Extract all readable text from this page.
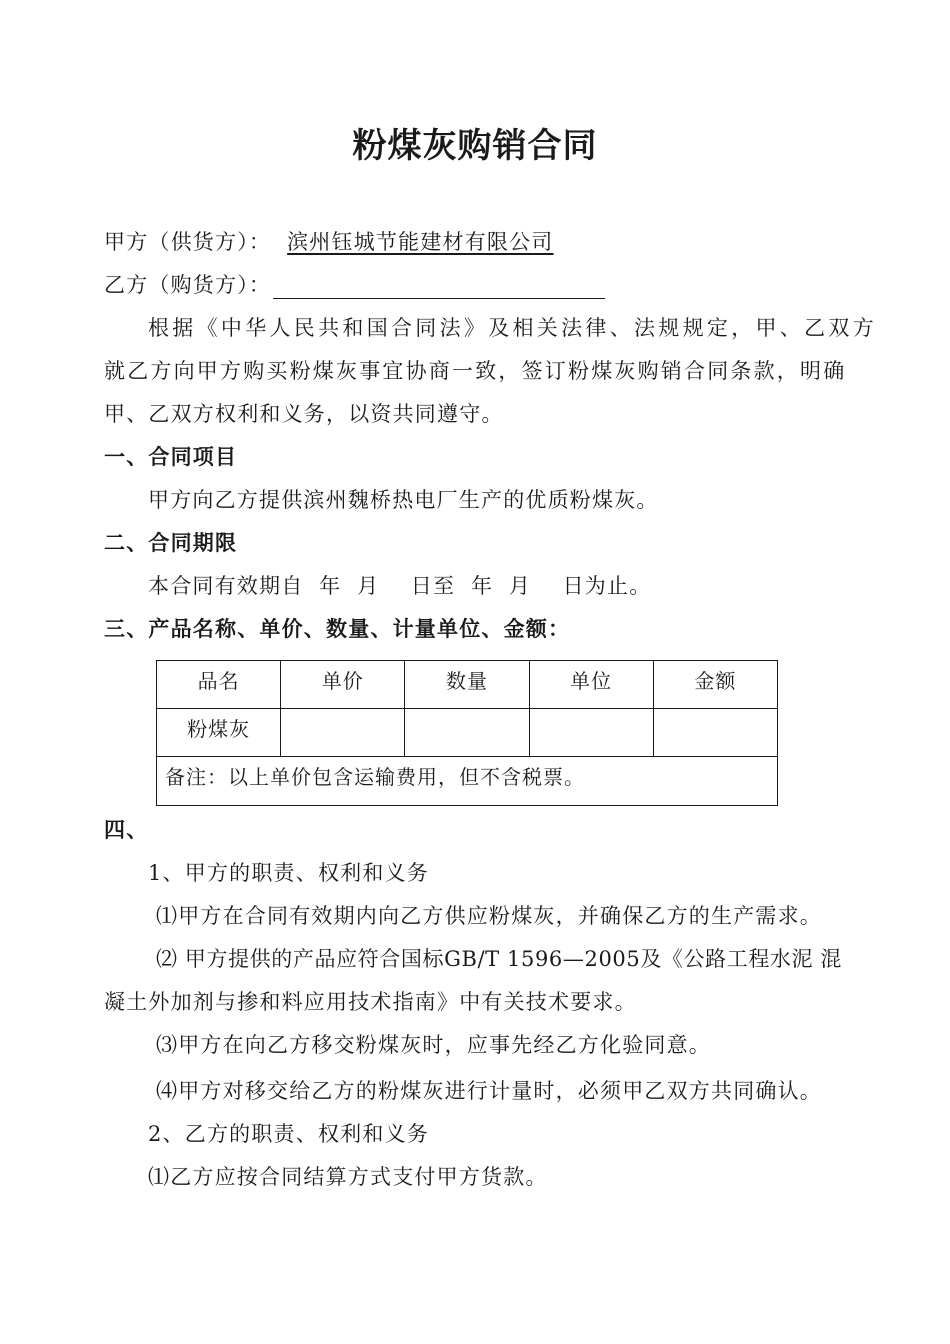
粉煤灰购销合同
甲方（供货方）： 滨州钰城节能建材有限公司
乙方（购货方）：
根据《中华人民共和国合同法》及相关法律、法规规定，甲、乙双方
就乙方向甲方购买粉煤灰事宜协商一致，签订粉煤灰购销合同条款，明确
甲、乙双方权利和义务，以资共同遵守。
一、合同项目
甲方向乙方提供滨州魏桥热电厂生产的优质粉煤灰。
二、合同期限
本合同有效期自  年  月    日至  年  月    日为止。
三、产品名称、单价、数量、计量单位、金额：
品名	单价	数量	单位	金额
粉煤灰				
备注：以上单价包含运输费用，但不含税票。				
四、
1、甲方的职责、权利和义务
⑴甲方在合同有效期内向乙方供应粉煤灰，并确保乙方的生产需求。
⑵ 甲方提供的产品应符合国标GB/T 1596—2005及《公路工程水泥 混
凝土外加剂与掺和料应用技术指南》中有关技术要求。
⑶甲方在向乙方移交粉煤灰时，应事先经乙方化验同意。
⑷甲方对移交给乙方的粉煤灰进行计量时，必须甲乙双方共同确认。
2、乙方的职责、权利和义务
⑴乙方应按合同结算方式支付甲方货款。
